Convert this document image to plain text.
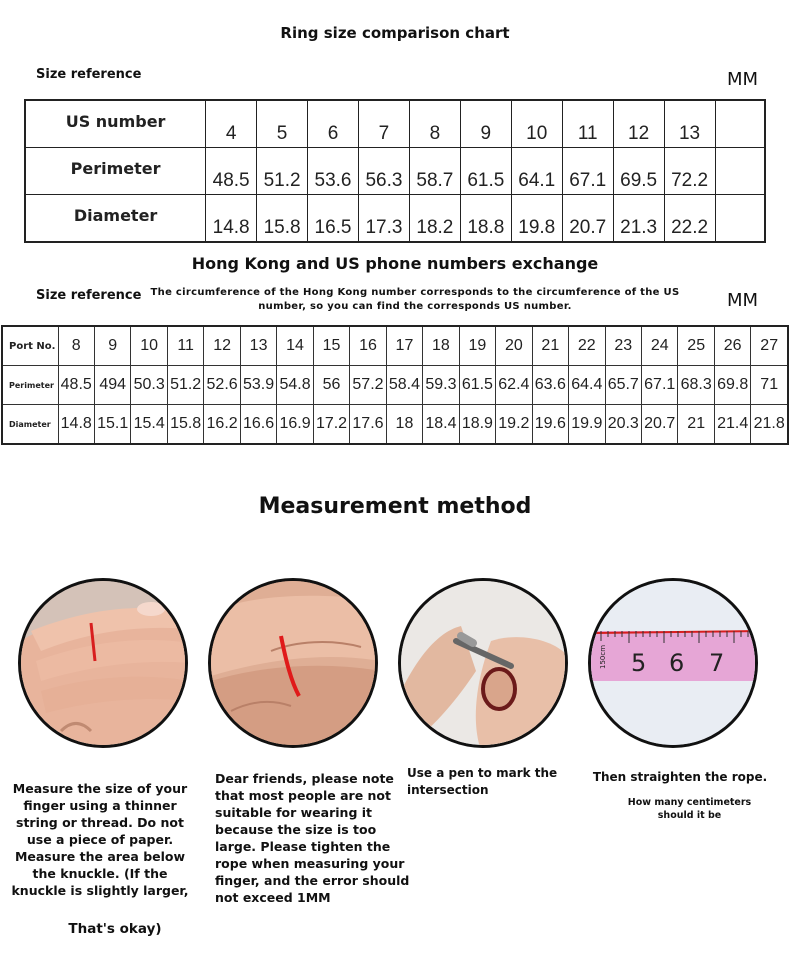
Ring size comparison chart
Size reference	MM
US number	4	5	6	7	8	9	10	11	12	13	
Perimeter	48.5	51.2	53.6	56.3	58.7	61.5	64.1	67.1	69.5	72.2	
Diameter	14.8	15.8	16.5	17.3	18.2	18.8	19.8	20.7	21.3	22.2	
Hong Kong and US phone numbers exchange
Size reference The circumference of the Hong Kong number corresponds to the circumference of the US number, so you can find the corresponds US number.	MM
Port No.	8	9	10	11	12	13	14	15	16	17	18	19	20	21	22	23	24	25	26	27
Perimeter	48.5	494	50.3	51.2	52.6	53.9	54.8	56	57.2	58.4	59.3	61.5	62.4	63.6	64.4	65.7	67.1	68.3	69.8	71
Diameter	14.8	15.1	15.4	15.8	16.2	16.6	16.9	17.2	17.6	18	18.4	18.9	19.2	19.6	19.9	20.3	20.7	21	21.4	21.8
Measurement method
5 6 7
150cm
Measure the size of your finger using a thinner string or thread. Do not use a piece of paper. Measure the area below the knuckle. (If the knuckle is slightly larger,
That's okay)
Dear friends, please note that most people are not suitable for wearing it because the size is too large. Please tighten the rope when measuring your finger, and the error should not exceed 1MM
Use a pen to mark the intersection
Then straighten the rope.
How many centimeters should it be
